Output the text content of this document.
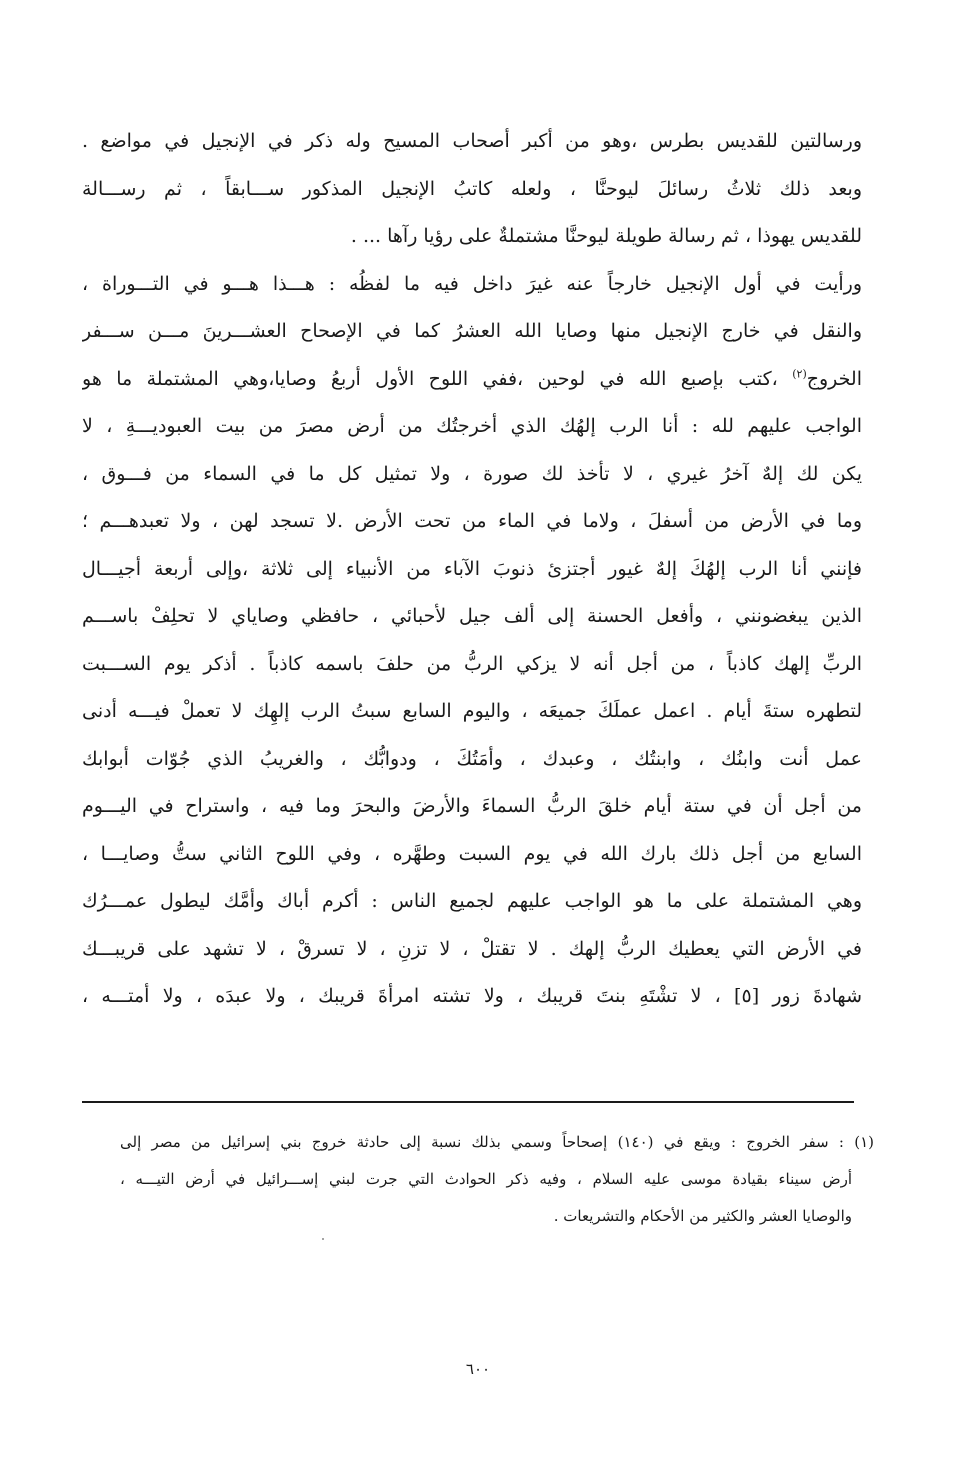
ورسالتين للقديس بطرس ،وهو من أكبر أصحاب المسيح وله ذكر في الإنجيل في مواضع .
وبعد ذلك ثلاثُ رسائلَ ليوحنَّا ، ولعله كاتبُ الإنجيل المذكور ســـابقاً ، ثم رســـالة
للقديس يهوذا ، ثم رسالة طويلة ليوحنَّا مشتملةٌ على رؤيا رآها ... .
ورأيت في أول الإنجيل خارجاً عنه غيرَ داخل فيه ما لفظُه : هـــذا هـــو في التـــوراة ،
والنقل في خارج الإنجيل منها وصايا الله العشرُ كما في الإصحاح العشـــرينَ مـــن ســـفر
الخروج$^{(٢)}$ ،كتب بإصبع الله في لوحين ،ففي اللوح الأول أربعُ وصايا،وهي المشتملة ما هو
الواجب عليهم لله : أنا الرب إلهُك الذي أخرجتُك من أرض مصرَ من بيت العبوديـــةِ ، لا
يكن لك إلهٌ آخرُ غيري ، لا تأخذ لك صورة ، ولا تمثيل كل ما في السماء من فـــوق ،
وما في الأرض من أسفلَ ، ولاما في الماء من تحت الأرض .لا تسجد لهن ، ولا تعبدهـــم ؛
فإنني أنا الرب إلهُكَ إلهٌ غيور أجتزئ ذنوبَ الآباء من الأنبياء إلى ثلاثة ،وإلى أربعة أجيـــال
الذين يبغضونني ، وأفعل الحسنة إلى ألف جيل لأحبائي ، حافظي وصاياي لا تحلِفْ باســـم
الربِّ إلهك كاذباً ، من أجل أنه لا يزكي الربُّ من حلفَ باسمه كاذباً . أذكر يوم الســـبت
لتطهره ستةَ أيام . اعمل عملَكَ جميعَه ، واليوم السابع سبتُ الرب إلهِك لا تعملْ فيـــه أدنى
عمل أنت وابنُك ، وابنتُك ، وعبدك ، وأمَتُكَ ، ودوابُّك ، والغريبُ الذي جُوّات أبوابك
من أجل أن في ستة أيام خلقَ الربُّ السماءَ والأرضَ والبحرَ وما فيه ، واستراح في اليـــوم
السابع من أجل ذلك بارك الله في يوم السبت وطهَّره ، وفي اللوح الثاني ستُّ وصايـــا ،
وهي المشتملة على ما هو الواجب عليهم لجميع الناس : أكرم أباك وأمَّك ليطول عمـــرُك
في الأرض التي يعطيك الربُّ إلهك . لا تقتلْ ، لا تزنِ ، لا تسرقْ ، لا تشهد على قريبـــك
شهادةَ زور [٥] ، لا تشْتَهِ بنتَ قريبك ، ولا تشته امرأةَ قريبك ، ولا عبدَه ، ولا أمتـــه ،
(١) : سفر الخروج : ويقع في (١٤٠) إصحاحاً وسمي بذلك نسبة إلى حادثة خروج بني إسرائيل من مصر إلى
أرض سيناء بقيادة موسى عليه السلام ، وفيه ذكر الحوادث التي جرت لبني إســـرائيل في أرض التيـــه ،
والوصايا العشر والكثير من الأحكام والتشريعات .
٦٠٠
